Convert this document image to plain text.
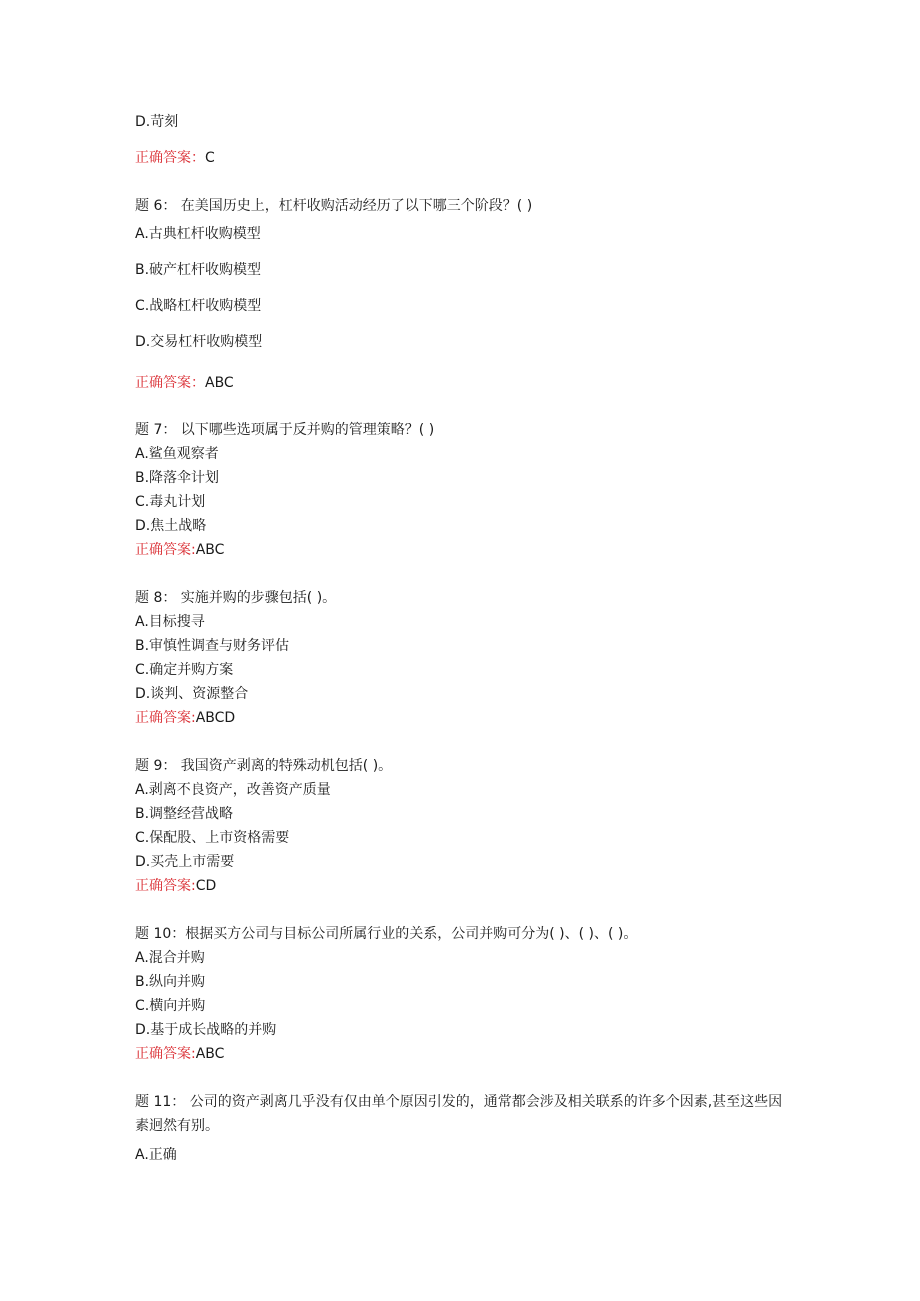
D.苛刻

正确答案：C

题 6： 在美国历史上，杠杆收购活动经历了以下哪三个阶段？( )

A.古典杠杆收购模型

B.破产杠杆收购模型

C.战略杠杆收购模型

D.交易杠杆收购模型

正确答案：ABC

题 7： 以下哪些选项属于反并购的管理策略？( )

A.鲨鱼观察者

B.降落伞计划

C.毒丸计划

D.焦土战略

正确答案:ABC

题 8： 实施并购的步骤包括( )。

A.目标搜寻

B.审慎性调查与财务评估

C.确定并购方案

D.谈判、资源整合

正确答案:ABCD

题 9： 我国资产剥离的特殊动机包括( )。

A.剥离不良资产，改善资产质量

B.调整经营战略

C.保配股、上市资格需要

D.买壳上市需要

正确答案:CD

题 10：根据买方公司与目标公司所属行业的关系，公司并购可分为( )、( )、( )。

A.混合并购

B.纵向并购

C.横向并购

D.基于成长战略的并购

正确答案:ABC

题 11： 公司的资产剥离几乎没有仅由单个原因引发的，通常都会涉及相关联系的许多个因素,甚至这些因素迥然有别。

A.正确
